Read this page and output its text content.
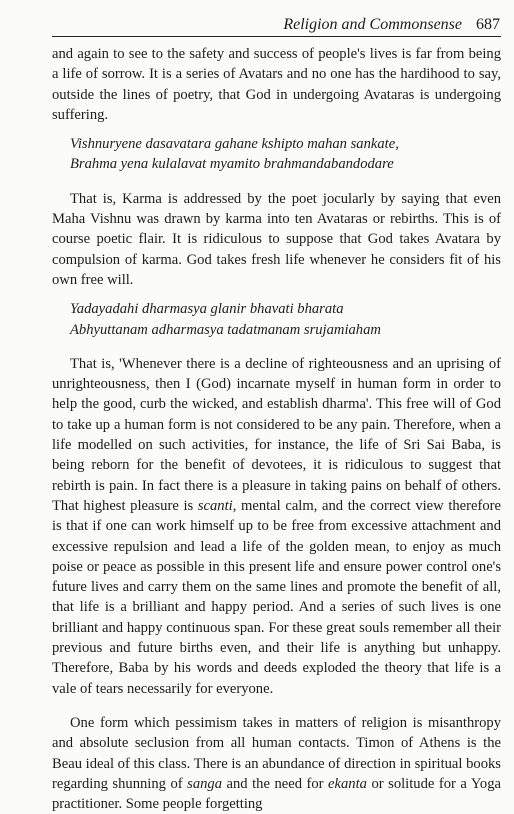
Religion and Commonsense 687

and again to see to the safety and success of people's lives is far from being a life of sorrow. It is a series of Avatars and no one has the hardihood to say, outside the lines of poetry, that God in undergoing Avataras is undergoing suffering.

Vishnuryene dasavatara gahane kshipto mahan sankate,
Brahma yena kulalavat myamito brahmandabandodare

That is, Karma is addressed by the poet jocularly by saying that even Maha Vishnu was drawn by karma into ten Avataras or rebirths. This is of course poetic flair. It is ridiculous to suppose that God takes Avatara by compulsion of karma. God takes fresh life whenever he considers fit of his own free will.

Yadayadahi dharmasya glanir bhavati bharata
Abhyuttanam adharmasya tadatmanam srujamiaham

That is, 'Whenever there is a decline of righteousness and an uprising of unrighteousness, then I (God) incarnate myself in human form in order to help the good, curb the wicked, and establish dharma'. This free will of God to take up a human form is not considered to be any pain. Therefore, when a life modelled on such activities, for instance, the life of Sri Sai Baba, is being reborn for the benefit of devotees, it is ridiculous to suggest that rebirth is pain. In fact there is a pleasure in taking pains on behalf of others. That highest pleasure is scanti, mental calm, and the correct view therefore is that if one can work himself up to be free from excessive attachment and excessive repulsion and lead a life of the golden mean, to enjoy as much poise or peace as possible in this present life and ensure power control one's future lives and carry them on the same lines and promote the benefit of all, that life is a brilliant and happy period. And a series of such lives is one brilliant and happy continuous span. For these great souls remember all their previous and future births even, and their life is anything but unhappy. Therefore, Baba by his words and deeds exploded the theory that life is a vale of tears necessarily for everyone.

One form which pessimism takes in matters of religion is misanthropy and absolute seclusion from all human contacts. Timon of Athens is the Beau ideal of this class. There is an abundance of direction in spiritual books regarding shunning of sanga and the need for ekanta or solitude for a Yoga practitioner. Some people forgetting
